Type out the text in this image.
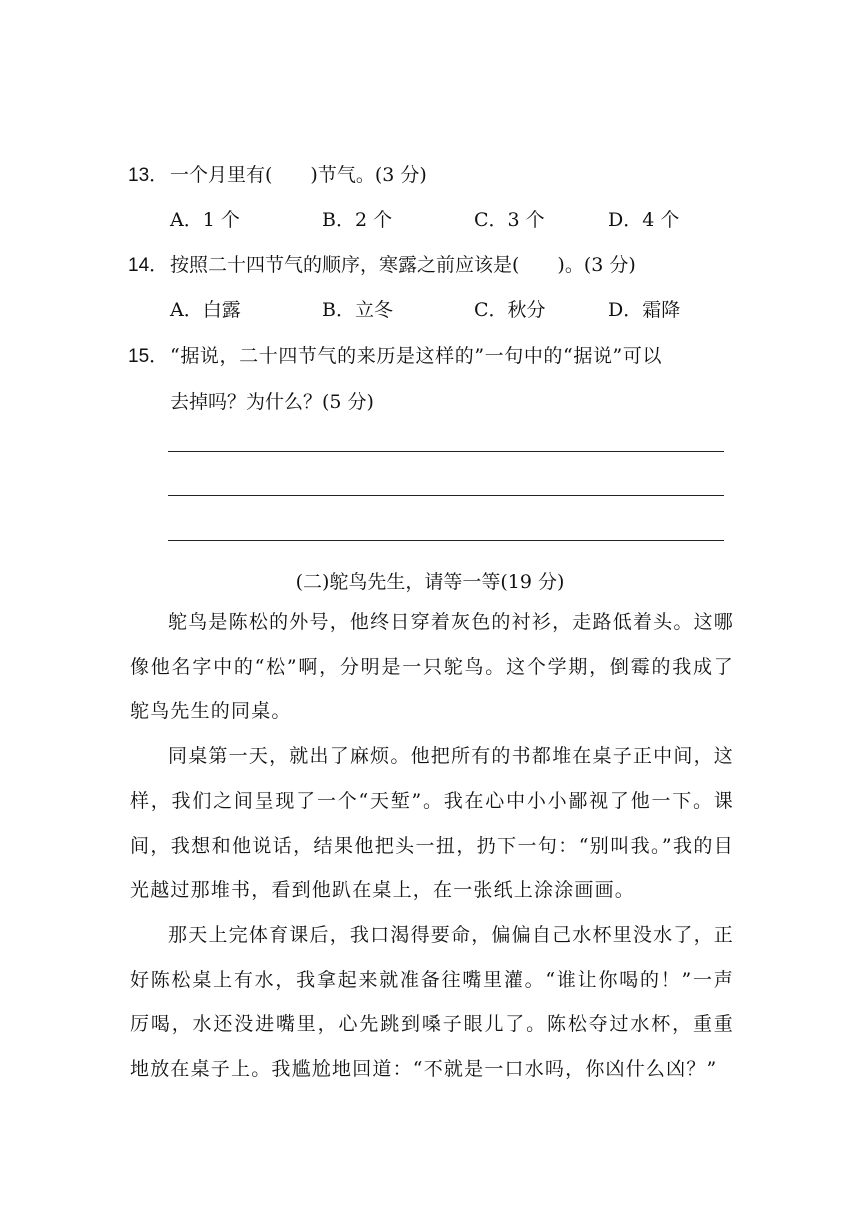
13． 一个月里有(　　)节气。(3 分)
A．1 个	B．2 个	C．3 个	D．4 个
14． 按照二十四节气的顺序，寒露之前应该是(　　)。(3 分)
A．白露	B．立冬	C．秋分	D．霜降
15． “据说，二十四节气的来历是这样的”一句中的“据说”可以
去掉吗？为什么？(5 分)
(二)鸵鸟先生，请等一等(19 分)

鸵鸟是陈松的外号，他终日穿着灰色的衬衫，走路低着头。这哪像他名字中的“松”啊，分明是一只鸵鸟。这个学期，倒霉的我成了鸵鸟先生的同桌。

同桌第一天，就出了麻烦。他把所有的书都堆在桌子正中间，这样，我们之间呈现了一个“天堑”。我在心中小小鄙视了他一下。课间，我想和他说话，结果他把头一扭，扔下一句：“别叫我。”我的目光越过那堆书，看到他趴在桌上，在一张纸上涂涂画画。

那天上完体育课后，我口渴得要命，偏偏自己水杯里没水了，正好陈松桌上有水，我拿起来就准备往嘴里灌。“谁让你喝的！”一声厉喝，水还没进嘴里，心先跳到嗓子眼儿了。陈松夺过水杯，重重地放在桌子上。我尴尬地回道：“不就是一口水吗，你凶什么凶？”
